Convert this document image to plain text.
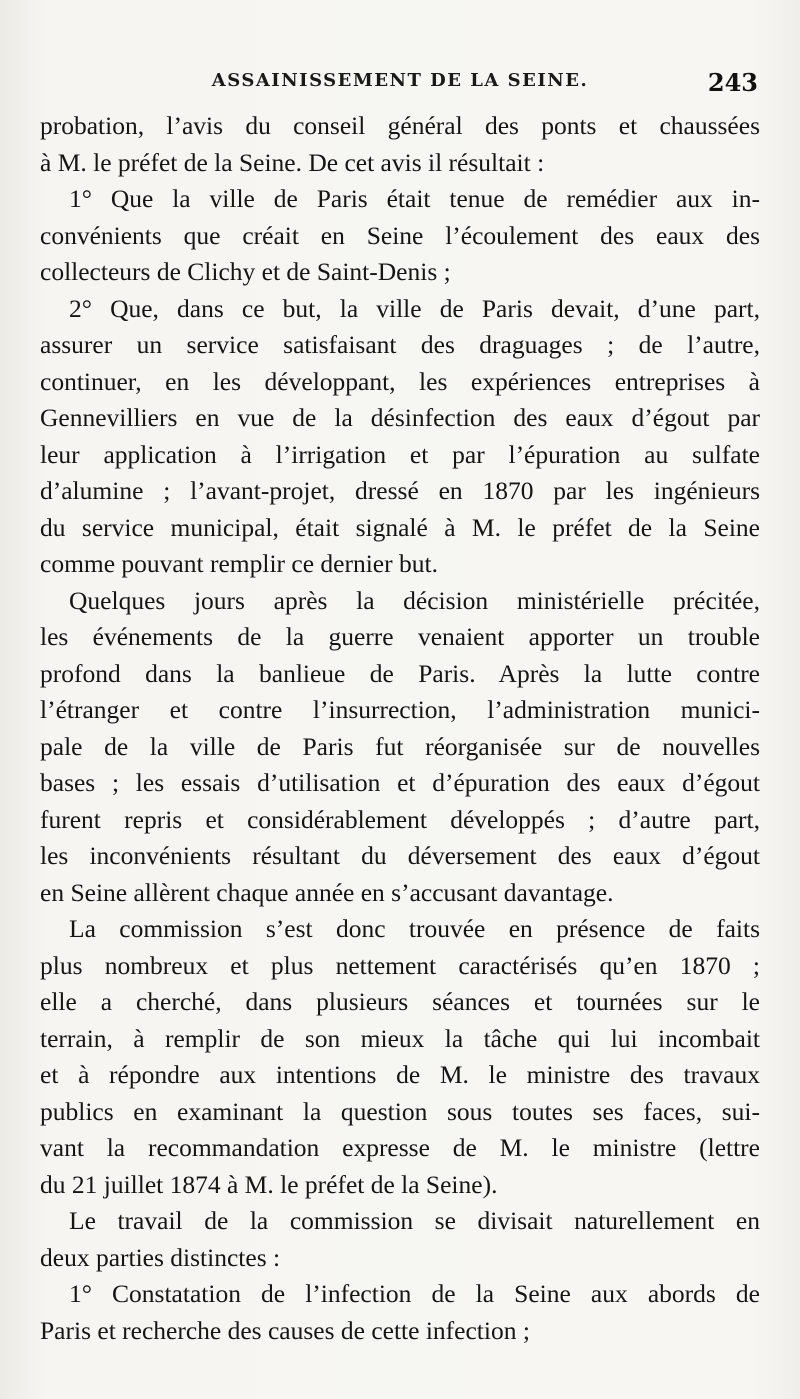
ASSAINISSEMENT DE LA SEINE.	243
probation, l’avis du conseil général des ponts et chaussées
à M. le préfet de la Seine. De cet avis il résultait :
1° Que la ville de Paris était tenue de remédier aux in-
convénients que créait en Seine l’écoulement des eaux des
collecteurs de Clichy et de Saint-Denis ;
2° Que, dans ce but, la ville de Paris devait, d’une part,
assurer un service satisfaisant des draguages ; de l’autre,
continuer, en les développant, les expériences entreprises à
Gennevilliers en vue de la désinfection des eaux d’égout par
leur application à l’irrigation et par l’épuration au sulfate
d’alumine ; l’avant-projet, dressé en 1870 par les ingénieurs
du service municipal, était signalé à M. le préfet de la Seine
comme pouvant remplir ce dernier but.
Quelques jours après la décision ministérielle précitée,
les événements de la guerre venaient apporter un trouble
profond dans la banlieue de Paris. Après la lutte contre
l’étranger et contre l’insurrection, l’administration munici-
pale de la ville de Paris fut réorganisée sur de nouvelles
bases ; les essais d’utilisation et d’épuration des eaux d’égout
furent repris et considérablement développés ; d’autre part,
les inconvénients résultant du déversement des eaux d’égout
en Seine allèrent chaque année en s’accusant davantage.
La commission s’est donc trouvée en présence de faits
plus nombreux et plus nettement caractérisés qu’en 1870 ;
elle a cherché, dans plusieurs séances et tournées sur le
terrain, à remplir de son mieux la tâche qui lui incombait
et à répondre aux intentions de M. le ministre des travaux
publics en examinant la question sous toutes ses faces, sui-
vant la recommandation expresse de M. le ministre (lettre
du 21 juillet 1874 à M. le préfet de la Seine).
Le travail de la commission se divisait naturellement en
deux parties distinctes :
1° Constatation de l’infection de la Seine aux abords de
Paris et recherche des causes de cette infection ;
